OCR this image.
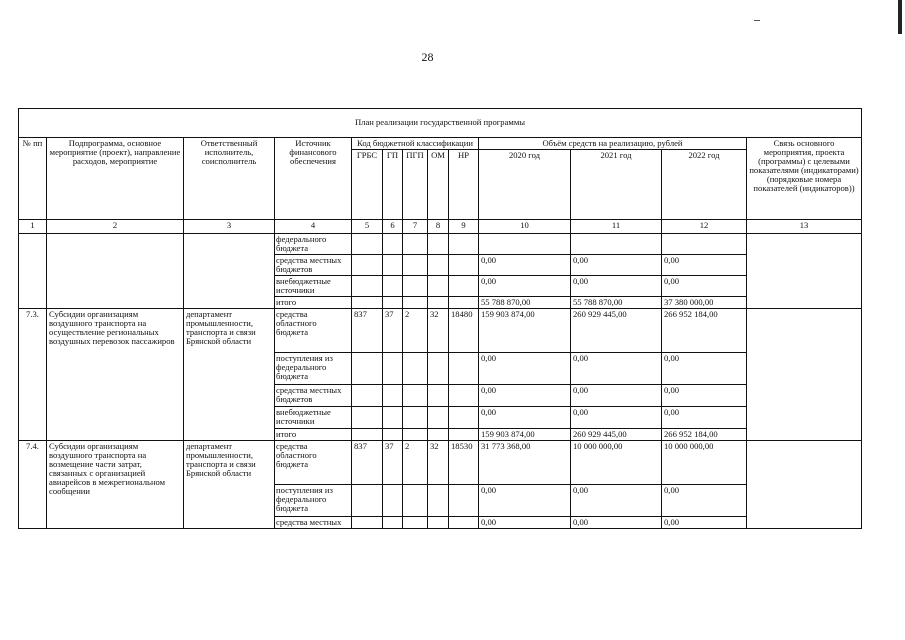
28
План реализации государственной программы												
№ пп	Подпрограмма, основное мероприятие (проект), направление расходов, мероприятие	Ответственный исполнитель, соисполнитель	Источник финансового обеспечения	Код бюджетной классификации					Объём средств на реализацию, рублей			Связь основного мероприятия, проекта (программы) с целевыми показателями (индикаторами) (порядковые номера показателей (индикаторов))
				ГРБС	ГП	ПГП	ОМ	НР	2020 год	2021 год	2022 год	
1	2	3	4	5	6	7	8	9	10	11	12	13
			федерального бюджета									
			средства местных бюджетов						0,00	0,00	0,00	
			внебюджетные источники						0,00	0,00	0,00	
			итого						55 788 870,00	55 788 870,00	37 380 000,00	
7.3.	Субсидии организациям воздушного транспорта на осуществление региональных воздушных перевозок пассажиров	департамент промышленности, транспорта и связи Брянской области	средства областного бюджета	837	37	2	32	18480	159 903 874,00	260 929 445,00	266 952 184,00	
			поступления из федерального бюджета						0,00	0,00	0,00	
			средства местных бюджетов						0,00	0,00	0,00	
			внебюджетные источники						0,00	0,00	0,00	
			итого						159 903 874,00	260 929 445,00	266 952 184,00	
7.4.	Субсидии организациям воздушного транспорта на возмещение части затрат, связанных с организацией авиарейсов в межрегиональном сообщении	департамент промышленности, транспорта и связи Брянской области	средства областного бюджета	837	37	2	32	18530	31 773 368,00	10 000 000,00	10 000 000,00	
			поступления из федерального бюджета						0,00	0,00	0,00	
			средства местных						0,00	0,00	0,00	
